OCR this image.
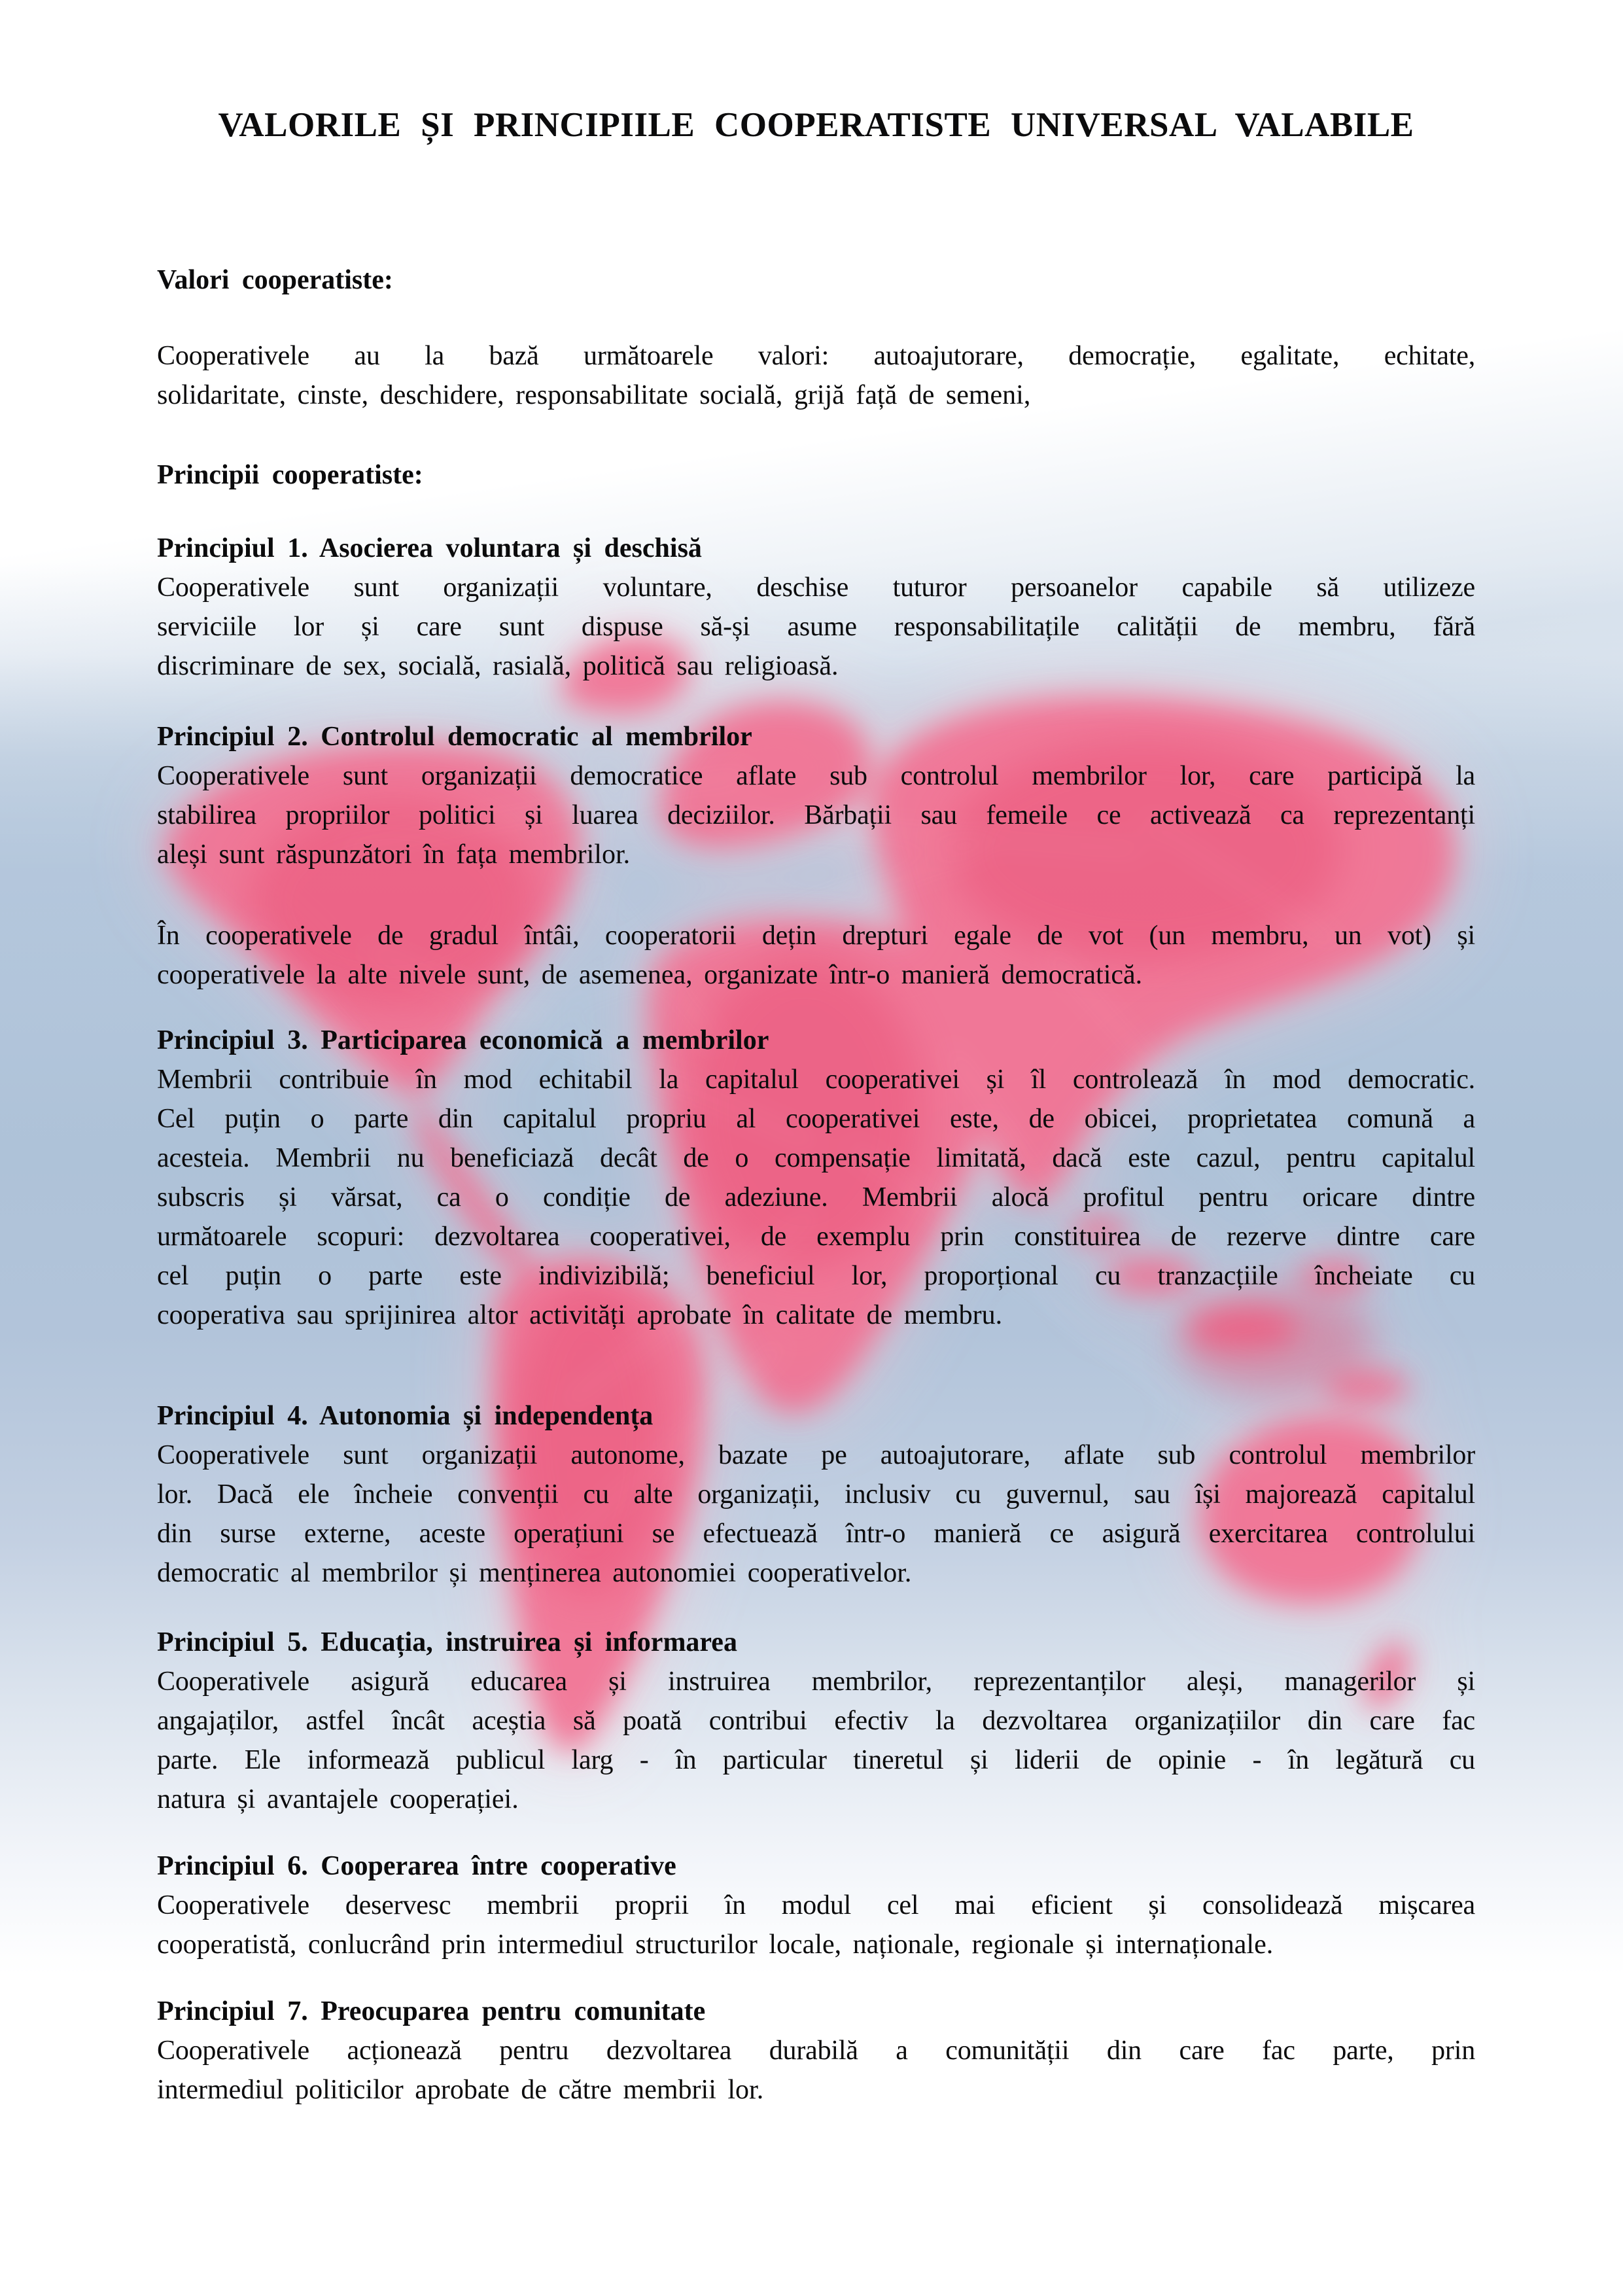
VALORILE ȘI PRINCIPIILE COOPERATISTE UNIVERSAL VALABILE
Valori cooperatiste:
Cooperativele au la bază următoarele valori: autoajutorare, democrație, egalitate, echitate,
solidaritate, cinste, deschidere, responsabilitate socială, grijă față de semeni,
Principii cooperatiste:
Principiul 1. Asocierea voluntara și deschisă
Cooperativele sunt organizații voluntare, deschise tuturor persoanelor capabile să utilizeze
serviciile lor și care sunt dispuse să-și asume responsabilitațile calității de membru, fără
discriminare de sex, socială, rasială, politică sau religioasă.
Principiul 2. Controlul democratic al membrilor
Cooperativele sunt organizații democratice aflate sub controlul membrilor lor, care participă la
stabilirea propriilor politici și luarea deciziilor. Bărbații sau femeile ce activează ca reprezentanți
aleși sunt răspunzători în fața membrilor.
În cooperativele de gradul întâi, cooperatorii dețin drepturi egale de vot (un membru, un vot) și
cooperativele la alte nivele sunt, de asemenea, organizate într-o manieră democratică.
Principiul 3. Participarea economică a membrilor
Membrii contribuie în mod echitabil la capitalul cooperativei și îl controlează în mod democratic.
Cel puțin o parte din capitalul propriu al cooperativei este, de obicei, proprietatea comună a
acesteia. Membrii nu beneficiază decât de o compensație limitată, dacă este cazul, pentru capitalul
subscris și vărsat, ca o condiție de adeziune. Membrii alocă profitul pentru oricare dintre
următoarele scopuri: dezvoltarea cooperativei, de exemplu prin constituirea de rezerve dintre care
cel puțin o parte este indivizibilă; beneficiul lor, proporțional cu tranzacțiile încheiate cu
cooperativa sau sprijinirea altor activități aprobate în calitate de membru.
Principiul 4. Autonomia și independența
Cooperativele sunt organizații autonome, bazate pe autoajutorare, aflate sub controlul membrilor
lor. Dacă ele încheie convenții cu alte organizații, inclusiv cu guvernul, sau își majorează capitalul
din surse externe, aceste operațiuni se efectuează într-o manieră ce asigură exercitarea controlului
democratic al membrilor și menținerea autonomiei cooperativelor.
Principiul 5. Educația, instruirea și informarea
Cooperativele asigură educarea și instruirea membrilor, reprezentanților aleși, managerilor și
angajaților, astfel încât aceștia să poată contribui efectiv la dezvoltarea organizațiilor din care fac
parte. Ele informează publicul larg - în particular tineretul și liderii de opinie - în legătură cu
natura și avantajele cooperației.
Principiul 6. Cooperarea între cooperative
Cooperativele deservesc membrii proprii în modul cel mai eficient și consolidează mișcarea
cooperatistă, conlucrând prin intermediul structurilor locale, naționale, regionale și internaționale.
Principiul 7. Preocuparea pentru comunitate
Cooperativele acționează pentru dezvoltarea durabilă a comunității din care fac parte, prin
intermediul politicilor aprobate de către membrii lor.
